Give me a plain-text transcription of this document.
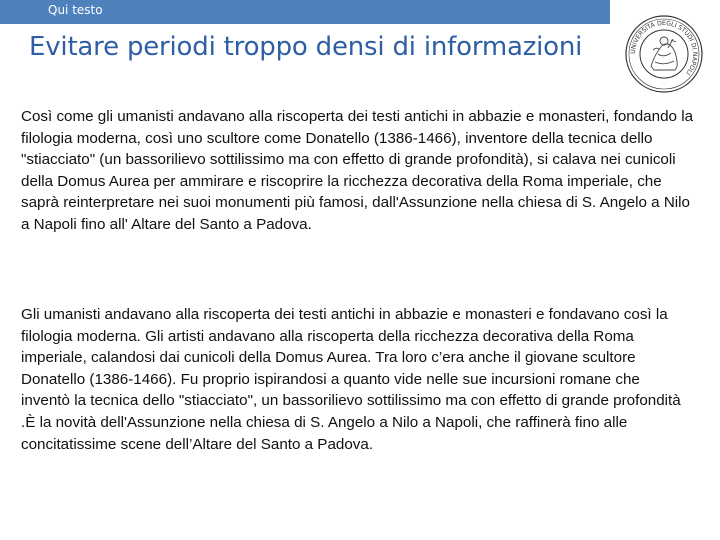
Qui testo
Evitare periodi troppo densi di informazioni	UNIVERSITÀ DEGLI STUDI DI NAPOLI

Così come gli umanisti andavano alla riscoperta dei testi antichi in abbazie e monasteri, fondando la filologia moderna, così uno scultore come Donatello (1386-1466), inventore della tecnica dello "stiacciato" (un bassorilievo sottilissimo ma con effetto di grande profondità), si calava nei cunicoli della Domus Aurea per ammirare e riscoprire la ricchezza decorativa della Roma imperiale, che saprà reinterpretare nei suoi monumenti più famosi, dall'Assunzione nella chiesa di S. Angelo a Nilo a Napoli fino all' Altare del Santo a Padova.

Gli umanisti andavano alla riscoperta dei testi antichi in abbazie e monasteri e fondavano così la filologia moderna. Gli artisti andavano alla riscoperta della ricchezza decorativa della Roma imperiale, calandosi dai cunicoli della Domus Aurea. Tra loro c’era anche il giovane scultore Donatello (1386-1466). Fu proprio ispirandosi a quanto vide nelle sue incursioni romane che inventò la tecnica dello "stiacciato", un bassorilievo sottilissimo ma con effetto di grande profondità .È la novità dell'Assunzione nella chiesa di S. Angelo a Nilo a Napoli, che raffinerà fino alle concitatissime scene dell’Altare del Santo a Padova.
